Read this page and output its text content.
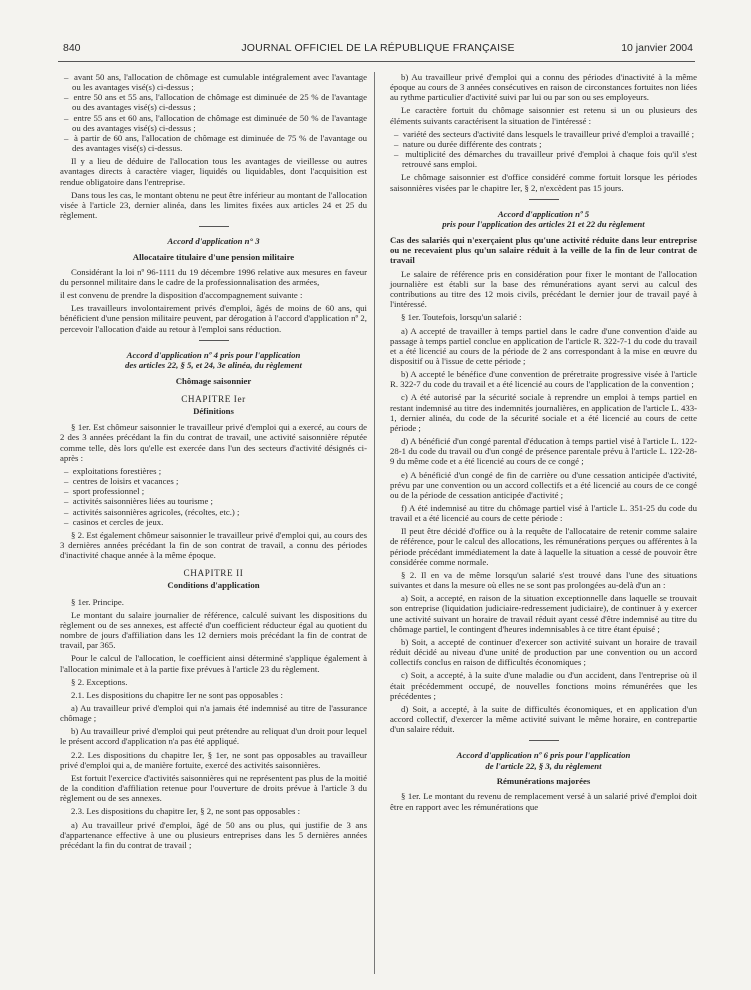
840	JOURNAL OFFICIEL DE LA RÉPUBLIQUE FRANÇAISE	10 janvier 2004
–  avant 50 ans, l'allocation de chômage est cumulable intégralement avec l'avantage ou les avantages visé(s) ci-dessus ;
–  entre 50 ans et 55 ans, l'allocation de chômage est diminuée de 25 % de l'avantage ou des avantages visé(s) ci-dessus ;
–  entre 55 ans et 60 ans, l'allocation de chômage est diminuée de 50 % de l'avantage ou des avantages visé(s) ci-dessus ;
–  à partir de 60 ans, l'allocation de chômage est diminuée de 75 % de l'avantage ou des avantages visé(s) ci-dessus.

Il y a lieu de déduire de l'allocation tous les avantages de vieillesse ou autres avantages directs à caractère viager, liquidés ou liquidables, dont l'acquisition est rendue obligatoire dans l'entreprise.

Dans tous les cas, le montant obtenu ne peut être inférieur au montant de l'allocation visée à l'article 23, dernier alinéa, dans les limites fixées aux articles 24 et 25 du règlement.

Accord d'application n° 3
Allocataire titulaire d'une pension militaire

Considérant la loi nº 96-1111 du 19 décembre 1996 relative aux mesures en faveur du personnel militaire dans le cadre de la professionnalisation des armées,

il est convenu de prendre la disposition d'accompagnement suivante :

Les travailleurs involontairement privés d'emploi, âgés de moins de 60 ans, qui bénéficient d'une pension militaire peuvent, par dérogation à l'accord d'application nº 2, percevoir l'allocation d'aide au retour à l'emploi sans réduction.

Accord d'application nº 4 pris pour l'application
des articles 22, § 5, et 24, 3e alinéa, du règlement
Chômage saisonnier
CHAPITRE Ier
Définitions

§ 1er. Est chômeur saisonnier le travailleur privé d'emploi qui a exercé, au cours de 2 des 3 années précédant la fin du contrat de travail, une activité saisonnière réputée comme telle, dès lors qu'elle est exercée dans l'un des secteurs d'activité désignés ci-après :

–  exploitations forestières ;
–  centres de loisirs et vacances ;
–  sport professionnel ;
–  activités saisonnières liées au tourisme ;
–  activités saisonnières agricoles, (récoltes, etc.) ;
–  casinos et cercles de jeux.

§ 2. Est également chômeur saisonnier le travailleur privé d'emploi qui, au cours des 3 dernières années précédant la fin de son contrat de travail, a connu des périodes d'inactivité chaque année à la même époque.

CHAPITRE II
Conditions d'application

§ 1er. Principe.

Le montant du salaire journalier de référence, calculé suivant les dispositions du règlement ou de ses annexes, est affecté d'un coefficient réducteur égal au quotient du nombre de jours d'affiliation dans les 12 derniers mois précédant la fin de contrat de travail, par 365.

Pour le calcul de l'allocation, le coefficient ainsi déterminé s'applique également à l'allocation minimale et à la partie fixe prévues à l'article 23 du règlement.

§ 2. Exceptions.

2.1. Les dispositions du chapitre Ier ne sont pas opposables :

a) Au travailleur privé d'emploi qui n'a jamais été indemnisé au titre de l'assurance chômage ;

b) Au travailleur privé d'emploi qui peut prétendre au reliquat d'un droit pour lequel le présent accord d'application n'a pas été appliqué.

2.2. Les dispositions du chapitre Ier, § 1er, ne sont pas opposables au travailleur privé d'emploi qui a, de manière fortuite, exercé des activités saisonnières.

Est fortuit l'exercice d'activités saisonnières qui ne représentent pas plus de la moitié de la condition d'affiliation retenue pour l'ouverture de droits prévue à l'article 3 du règlement ou de ses annexes.

2.3. Les dispositions du chapitre Ier, § 2, ne sont pas opposables :

a) Au travailleur privé d'emploi, âgé de 50 ans ou plus, qui justifie de 3 ans d'appartenance effective à une ou plusieurs entreprises dans les 5 dernières années précédant la fin du contrat de travail ;

b) Au travailleur privé d'emploi qui a connu des périodes d'inactivité à la même époque au cours de 3 années consécutives en raison de circonstances fortuites non liées au rythme particulier d'activité suivi par lui ou par son ou ses employeurs.

Le caractère fortuit du chômage saisonnier est retenu si un ou plusieurs des éléments suivants caractérisent la situation de l'intéressé :

–  variété des secteurs d'activité dans lesquels le travailleur privé d'emploi a travaillé ;
–  nature ou durée différente des contrats ;
–  multiplicité des démarches du travailleur privé d'emploi à chaque fois qu'il s'est retrouvé sans emploi.

Le chômage saisonnier est d'office considéré comme fortuit lorsque les périodes saisonnières visées par le chapitre Ier, § 2, n'excèdent pas 15 jours.

Accord d'application nº 5
pris pour l'application des articles 21 et 22 du règlement
Cas des salariés qui n'exerçaient plus qu'une activité réduite dans leur entreprise ou ne recevaient plus qu'un salaire réduit à la veille de la fin de leur contrat de travail

Le salaire de référence pris en considération pour fixer le montant de l'allocation journalière est établi sur la base des rémunérations ayant servi au calcul des contributions au titre des 12 mois civils, précédant le dernier jour de travail payé à l'intéressé.

§ 1er. Toutefois, lorsqu'un salarié :

a) A accepté de travailler à temps partiel dans le cadre d'une convention d'aide au passage à temps partiel conclue en application de l'article R. 322-7-1 du code du travail et a été licencié au cours de la période de 2 ans correspondant à la mise en œuvre du dispositif ou à l'issue de cette période ;

b) A accepté le bénéfice d'une convention de préretraite progressive visée à l'article R. 322-7 du code du travail et a été licencié au cours de l'application de la convention ;

c) A été autorisé par la sécurité sociale à reprendre un emploi à temps partiel en restant indemnisé au titre des indemnités journalières, en application de l'article L. 433-1, dernier alinéa, du code de la sécurité sociale et a été licencié au cours de cette période ;

d) A bénéficié d'un congé parental d'éducation à temps partiel visé à l'article L. 122-28-1 du code du travail ou d'un congé de présence parentale prévu à l'article L. 122-28-9 du même code et a été licencié au cours de ce congé ;

e) A bénéficié d'un congé de fin de carrière ou d'une cessation anticipée d'activité, prévu par une convention ou un accord collectifs et a été licencié au cours de ce congé ou de la période de cessation anticipée d'activité ;

f) A été indemnisé au titre du chômage partiel visé à l'article L. 351-25 du code du travail et a été licencié au cours de cette période :

Il peut être décidé d'office ou à la requête de l'allocataire de retenir comme salaire de référence, pour le calcul des allocations, les rémunérations perçues ou afférentes à la période précédant immédiatement la date à laquelle la situation a cessé de pouvoir être considérée comme normale.

§ 2. Il en va de même lorsqu'un salarié s'est trouvé dans l'une des situations suivantes et dans la mesure où elles ne se sont pas prolongées au-delà d'un an :

a) Soit, a accepté, en raison de la situation exceptionnelle dans laquelle se trouvait son entreprise (liquidation judiciaire-redressement judiciaire), de continuer à y exercer une activité suivant un horaire de travail réduit ayant cessé d'être indemnisé au titre du chômage partiel, le contingent d'heures indemnisables à ce titre étant épuisé ;

b) Soit, a accepté de continuer d'exercer son activité suivant un horaire de travail réduit décidé au niveau d'une unité de production par une convention ou un accord collectifs conclus en raison de difficultés économiques ;

c) Soit, a accepté, à la suite d'une maladie ou d'un accident, dans l'entreprise où il était précédemment occupé, de nouvelles fonctions moins rémunérées que les précédentes ;

d) Soit, a accepté, à la suite de difficultés économiques, et en application d'un accord collectif, d'exercer la même activité suivant le même horaire, en contrepartie d'un salaire réduit.

Accord d'application nº 6 pris pour l'application
de l'article 22, § 3, du règlement
Rémunérations majorées

§ 1er. Le montant du revenu de remplacement versé à un salarié privé d'emploi doit être en rapport avec les rémunérations que
